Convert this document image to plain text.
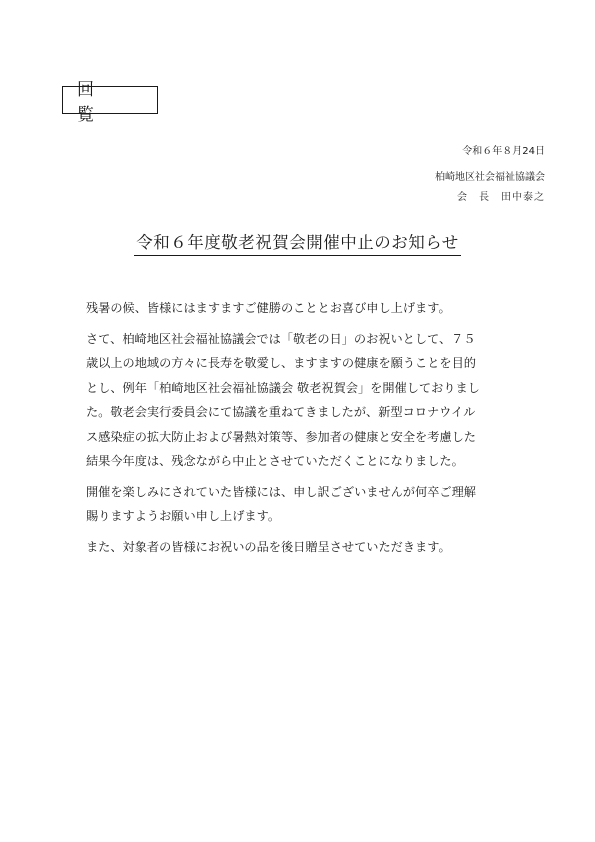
回 覧
令和６年８月24日
柏崎地区社会福祉協議会
会　長　田中泰之
令和６年度敬老祝賀会開催中止のお知らせ

残暑の候、皆様にはますますご健勝のこととお喜び申し上げます。

さて、柏崎地区社会福祉協議会では「敬老の日」のお祝いとして、７５
歳以上の地域の方々に長寿を敬愛し、ますますの健康を願うことを目的
とし、例年「柏崎地区社会福祉協議会 敬老祝賀会」を開催しておりまし
た。敬老会実行委員会にて協議を重ねてきましたが、新型コロナウイル
ス感染症の拡大防止および暑熱対策等、参加者の健康と安全を考慮した
結果今年度は、残念ながら中止とさせていただくことになりました。

開催を楽しみにされていた皆様には、申し訳ございませんが何卒ご理解
賜りますようお願い申し上げます。

また、対象者の皆様にお祝いの品を後日贈呈させていただきます。
